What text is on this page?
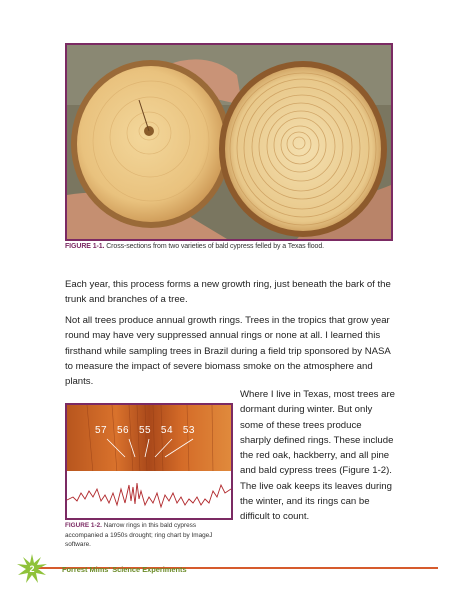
FIGURE 1-1. Cross-sections from two varieties of bald cypress felled by a Texas flood.

Each year, this process forms a new growth ring, just beneath the bark of the trunk and branches of a tree.

Not all trees produce annual growth rings. Trees in the tropics that grow year round may have very suppressed annual rings or none at all. I learned this firsthand while sampling trees in Brazil during a field trip sponsored by NASA to measure the impact of severe biomass smoke on the atmosphere and plants.

57 56 55 54 53
FIGURE 1-2. Narrow rings in this bald cypress accompanied a 1950s drought; ring chart by ImageJ software.

Where I live in Texas, most trees are dormant during winter. But only some of these trees produce sharply defined rings. These include the red oak, hackberry, and all pine and bald cypress trees (Figure 1-2). The live oak keeps its leaves during the winter, and its rings can be difficult to count.

2	Forrest Mims' Science Experiments
